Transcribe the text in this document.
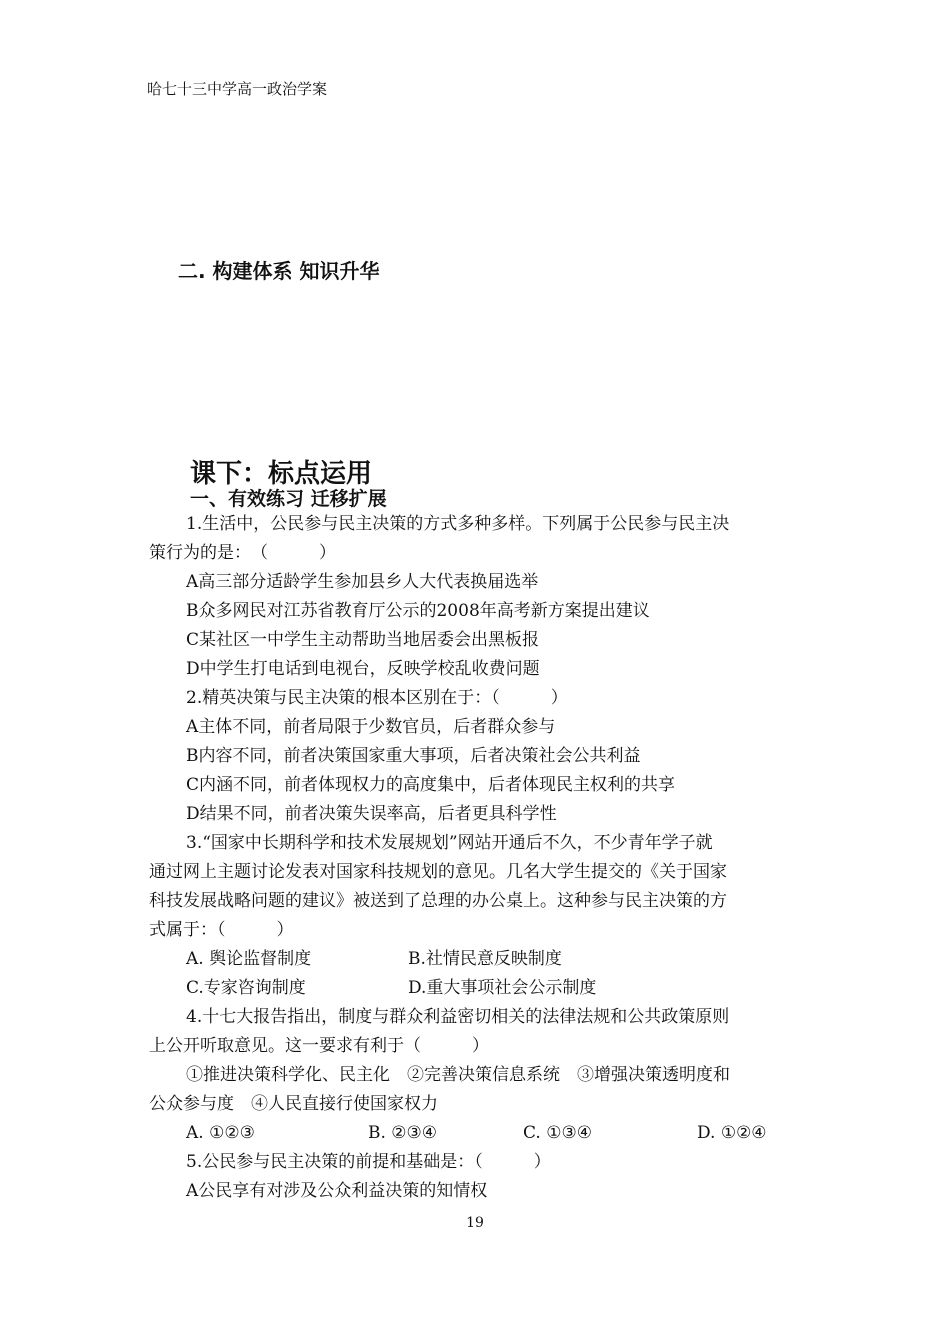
哈七十三中学高一政治学案
二. 构建体系 知识升华
课下：标点运用
一、有效练习 迁移扩展
1.生活中，公民参与民主决策的方式多种多样。下列属于公民参与民主决
策行为的是：　（　　　）
A高三部分适龄学生参加县乡人大代表换届选举
B众多网民对江苏省教育厅公示的2008年高考新方案提出建议
C某社区一中学生主动帮助当地居委会出黑板报
D中学生打电话到电视台，反映学校乱收费问题
2.精英决策与民主决策的根本区别在于：（　　　）
A主体不同，前者局限于少数官员，后者群众参与
B内容不同，前者决策国家重大事项，后者决策社会公共利益
C内涵不同，前者体现权力的高度集中，后者体现民主权利的共享
D结果不同，前者决策失误率高，后者更具科学性
3.“国家中长期科学和技术发展规划”网站开通后不久，不少青年学子就
通过网上主题讨论发表对国家科技规划的意见。几名大学生提交的《关于国家
科技发展战略问题的建议》被送到了总理的办公桌上。这种参与民主决策的方
式属于：（　　　）
A. 舆论监督制度	B.社情民意反映制度
C.专家咨询制度	D.重大事项社会公示制度
4.十七大报告指出，制度与群众利益密切相关的法律法规和公共政策原则
上公开听取意见。这一要求有利于（　　　）
①推进决策科学化、民主化　②完善决策信息系统　③增强决策透明度和
公众参与度　④人民直接行使国家权力
A. ①②③	B. ②③④	C. ①③④	D. ①②④
5.公民参与民主决策的前提和基础是：（　　　）
A公民享有对涉及公众利益决策的知情权
19
